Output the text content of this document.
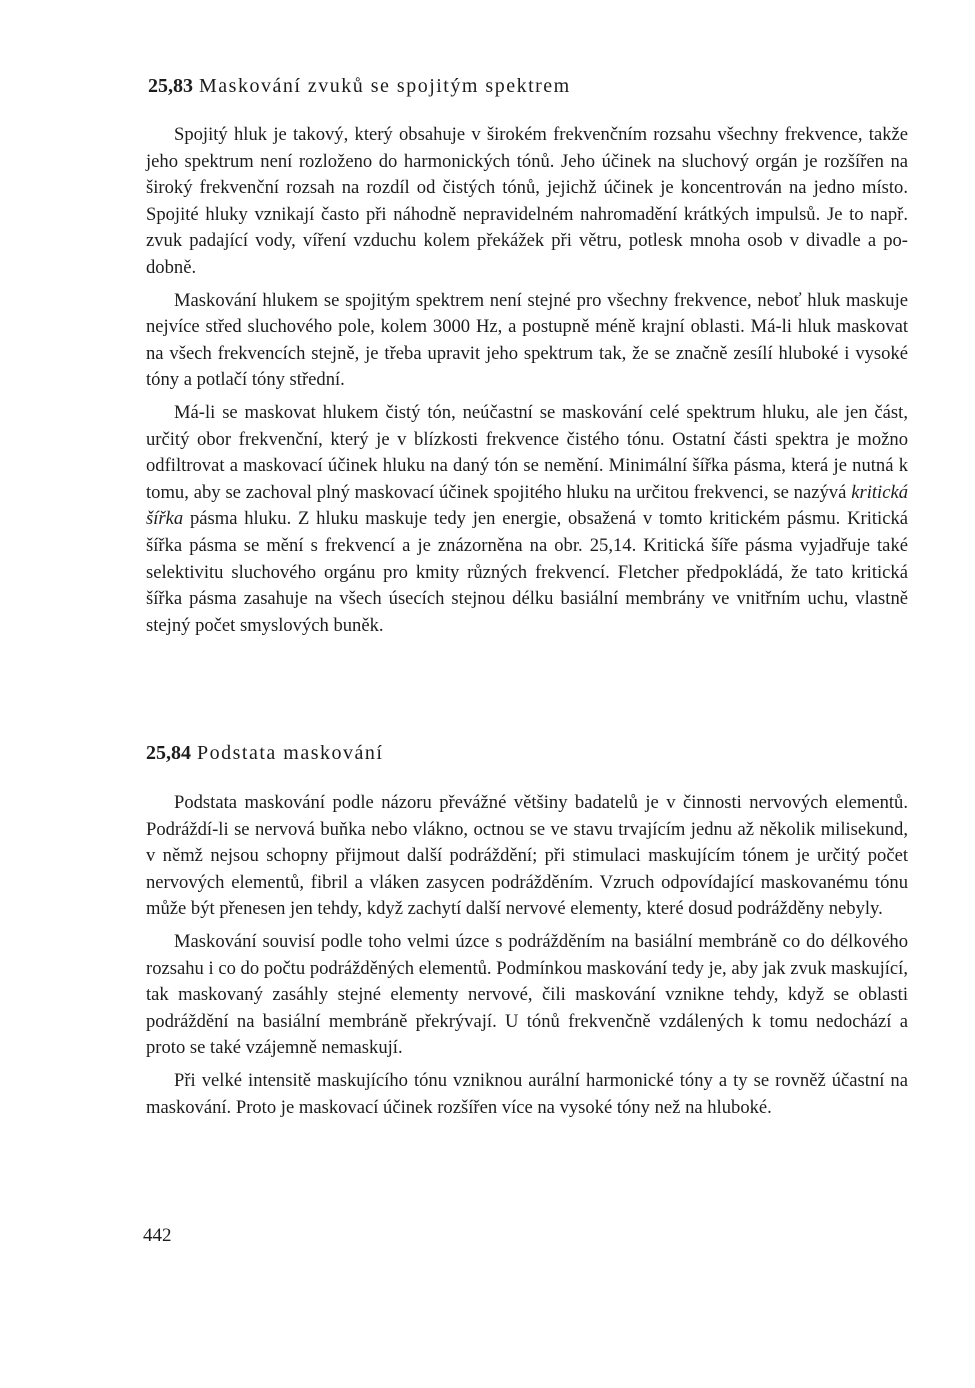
25,83 Maskování zvuků se spojitým spektrem

Spojitý hluk je takový, který obsahuje v širokém frekvenčním rozsahu všechny frekvence, takže jeho spektrum není rozloženo do harmonických tónů. Jeho účinek na sluchový orgán je rozšířen na široký frekvenční rozsah na rozdíl od čistých tónů, jejichž účinek je koncentrován na jedno místo. Spojité hluky vznikají často při náhodně nepravidelném nahromadění krátkých impulsů. Je to např. zvuk padající vody, víření vzduchu kolem překážek při větru, potlesk mnoha osob v divadle a podobně.

Maskování hlukem se spojitým spektrem není stejné pro všechny frekvence, neboť hluk maskuje nejvíce střed sluchového pole, kolem 3000 Hz, a postupně méně krajní oblasti. Má-li hluk maskovat na všech frekvencích stejně, je třeba upravit jeho spektrum tak, že se značně zesílí hluboké i vysoké tóny a potlačí tóny střední.

Má-li se maskovat hlukem čistý tón, neúčastní se maskování celé spektrum hluku, ale jen část, určitý obor frekvenční, který je v blízkosti frekvence čistého tónu. Ostatní části spektra je možno odfiltrovat a maskovací účinek hluku na daný tón se nemění. Minimální šířka pásma, která je nutná k tomu, aby se zachoval plný maskovací účinek spojitého hluku na určitou frekvenci, se nazývá kritická šířka pásma hluku. Z hluku maskuje tedy jen energie, obsažená v tomto kritickém pásmu. Kritická šířka pásma se mění s frekvencí a je znázorněna na obr. 25,14. Kritická šíře pásma vyjadřuje také selektivitu sluchového orgánu pro kmity různých frekvencí. Fletcher předpokládá, že tato kritická šířka pásma zasahuje na všech úsecích stejnou délku basiální membrány ve vnitřním uchu, vlastně stejný počet smyslových buněk.

25,84 Podstata maskování

Podstata maskování podle názoru převážné většiny badatelů je v činnosti nervových elementů. Podráždí-li se nervová buňka nebo vlákno, octnou se ve stavu trvajícím jednu až několik milisekund, v němž nejsou schopny přijmout další podráždění; při stimulaci maskujícím tónem je určitý počet nervových elementů, fibril a vláken zasycen podrážděním. Vzruch odpovídající maskovanému tónu může být přenesen jen tehdy, když zachytí další nervové elementy, které dosud podrážděny nebyly.

Maskování souvisí podle toho velmi úzce s podrážděním na basiální membráně co do délkového rozsahu i co do počtu podrážděných elementů. Podmínkou maskování tedy je, aby jak zvuk maskující, tak maskovaný zasáhly stejné elementy nervové, čili maskování vznikne tehdy, když se oblasti podráždění na basiální membráně překrývají. U tónů frekvenčně vzdálených k tomu nedochází a proto se také vzájemně nemaskují.

Při velké intensitě maskujícího tónu vzniknou aurální harmonické tóny a ty se rovněž účastní na maskování. Proto je maskovací účinek rozšířen více na vysoké tóny než na hluboké.

442
